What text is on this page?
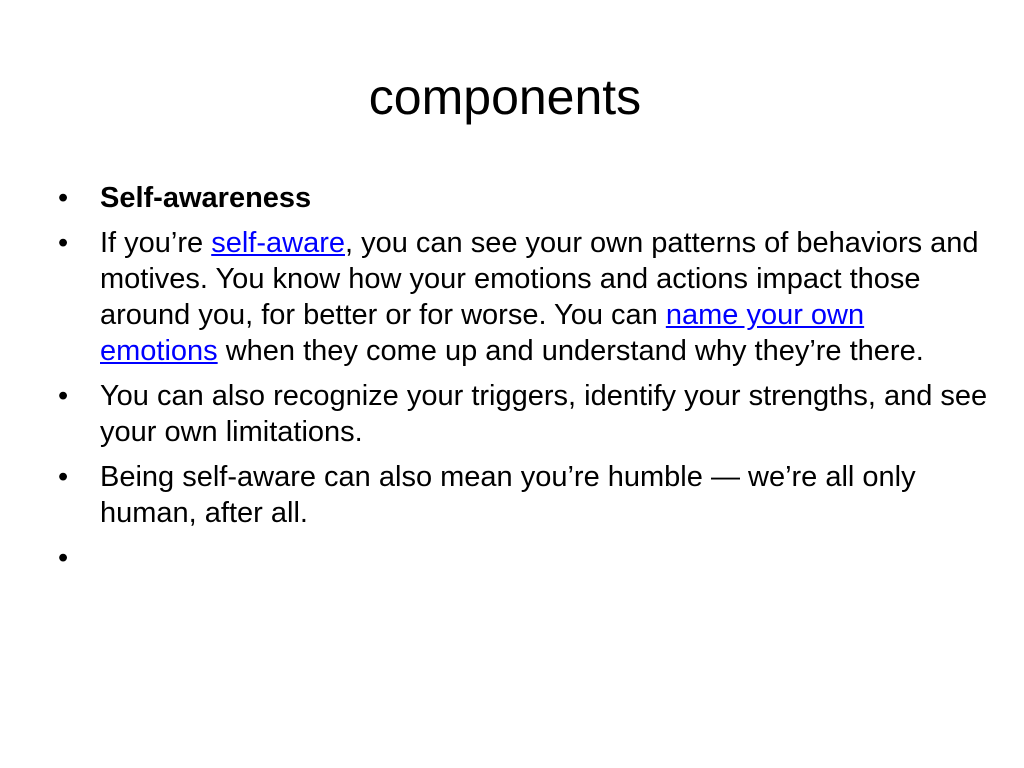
components
• Self-awareness
• If you’re self-aware, you can see your own patterns of behaviors and motives. You know how your emotions and actions impact those around you, for better or for worse. You can name your own emotions when they come up and understand why they’re there.
• You can also recognize your triggers, identify your strengths, and see your own limitations.
• Being self-aware can also mean you’re humble — we’re all only human, after all.
•
